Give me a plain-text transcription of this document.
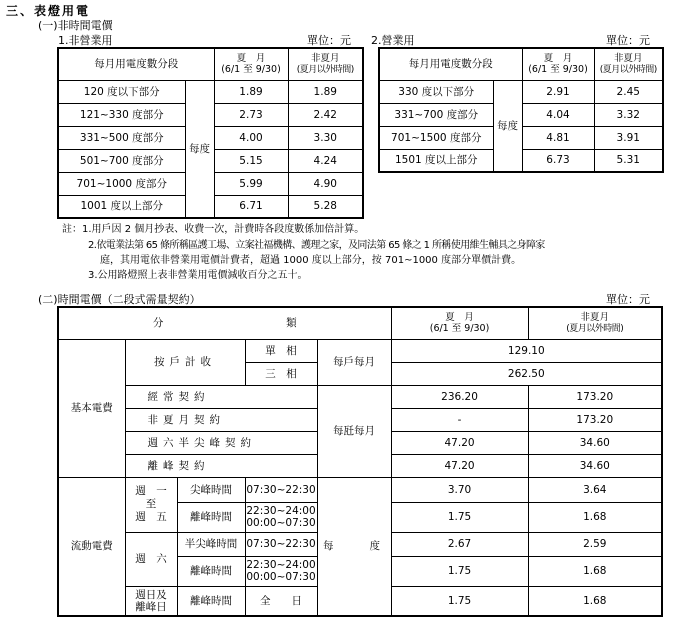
三、表燈用電
(一)非時間電價
1.非營業用	單位：元
每月用電度數分段		夏　月
(6/1 至 9/30)	非夏月
(夏月以外時間)
120 度以下部分	每度	1.89	1.89
121~330 度部分		2.73	2.42
331~500 度部分		4.00	3.30
501~700 度部分		5.15	4.24
701~1000 度部分		5.99	4.90
1001 度以上部分		6.71	5.28
2.營業用	單位：元
每月用電度數分段		夏　月
(6/1 至 9/30)	非夏月
(夏月以外時間)
330 度以下部分	每度	2.91	2.45
331~700 度部分		4.04	3.32
701~1500 度部分		4.81	3.91
1501 度以上部分		6.73	5.31
註：1.用戶因 2 個月抄表、收費一次，計費時各段度數係加倍計算。
2.依電業法第 65 條所稱區護工場、立案社福機構、護理之家，及同法第 65 條之 1 所稱使用維生輔具之身障家
庭，其用電依非營業用電價計費者，超過 1000 度以上部分，按 701~1000 度部分單價計費。
3.公用路燈照上表非營業用電價減收百分之五十。
(二)時間電價（二段式需量契約）	單位：元
分 類					夏　月
(6/1 至 9/30)	非夏月
(夏月以外時間)
基本電費	按戶計收		單　相	每戶每月	129.10	
			三　相		262.50	
	經常契約			每瓩每月	236.20	173.20
	非夏月契約				-	173.20
	週六半尖峰契約				47.20	34.60
	離峰契約				47.20	34.60
流動電費	週　一
至
週　五	尖峰時間	07:30~22:30	每　　度	3.70	3.64
		離峰時間	22:30~24:00
00:00~07:30		1.75	1.68
	週　六	半尖峰時間	07:30~22:30		2.67	2.59
		離峰時間	22:30~24:00
00:00~07:30		1.75	1.68
	週日及
離峰日	離峰時間	全　　日		1.75	1.68
